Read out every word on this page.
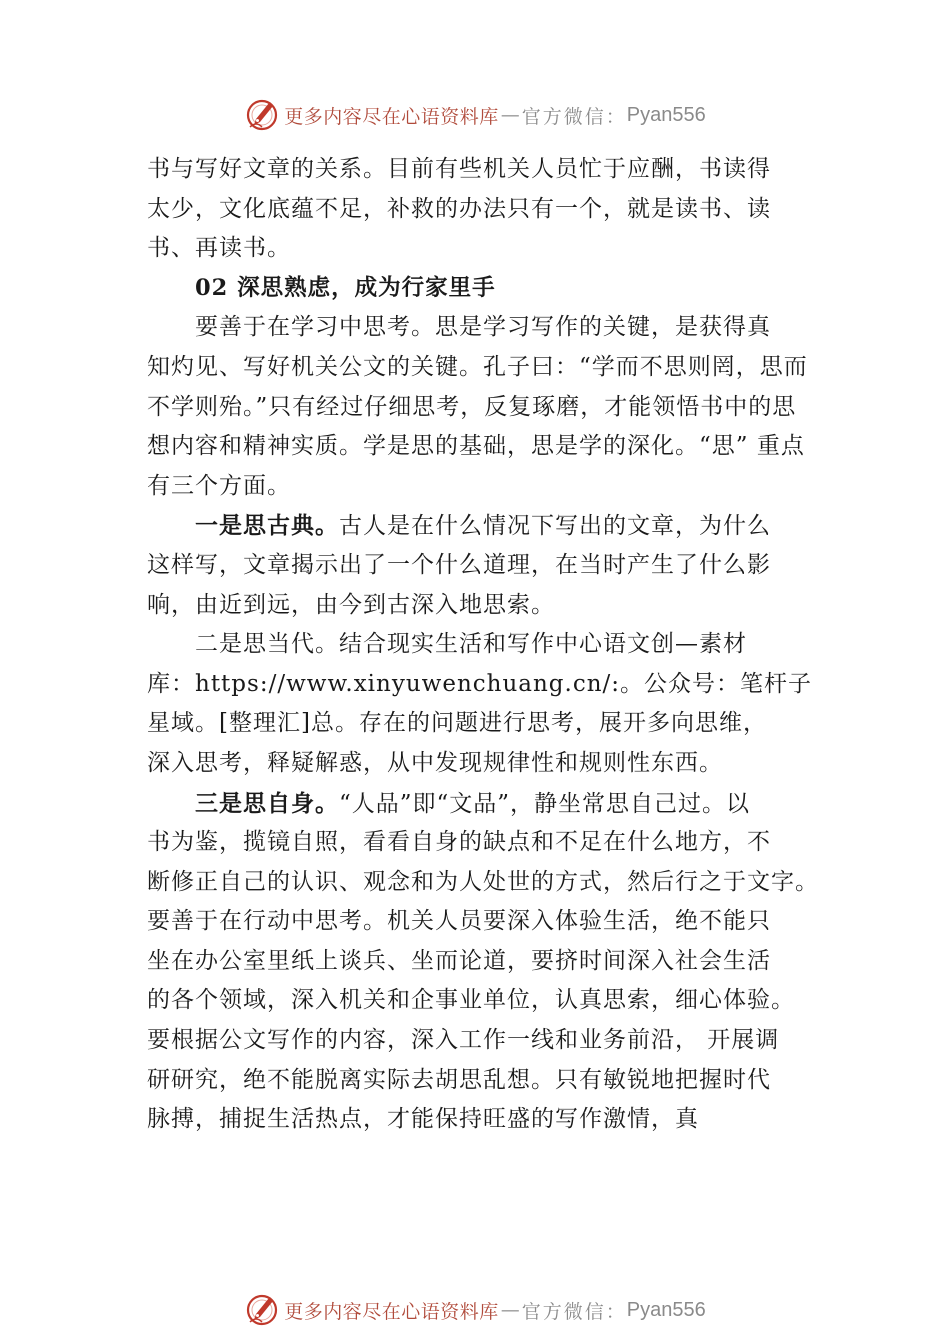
更多内容尽在心语资料库 — 官方微信： Pyan556
书与写好文章的关系。目前有些机关人员忙于应酬，书读得
太少，文化底蕴不足，补救的办法只有一个，就是读书、读
书、再读书。
02 深思熟虑，成为行家里手
要善于在学习中思考。思是学习写作的关键，是获得真
知灼见、写好机关公文的关键。孔子曰：“学而不思则罔，思而
不学则殆。”只有经过仔细思考，反复琢磨，才能领悟书中的思
想内容和精神实质。学是思的基础，思是学的深化。“思” 重点
有三个方面。
一是思古典。古人是在什么情况下写出的文章，为什么
这样写，文章揭示出了一个什么道理，在当时产生了什么影
响，由近到远，由今到古深入地思索。
二是思当代。结合现实生活和写作中心语文创—素材
库：https://www.xinyuwenchuang.cn/:。公众号：笔杆子
星域。[整理汇]总。存在的问题进行思考，展开多向思维，
深入思考，释疑解惑，从中发现规律性和规则性东西。
三是思自身。“人品”即“文品”，静坐常思自己过。以
书为鉴，揽镜自照，看看自身的缺点和不足在什么地方，不
断修正自己的认识、观念和为人处世的方式，然后行之于文字。
要善于在行动中思考。机关人员要深入体验生活，绝不能只
坐在办公室里纸上谈兵、坐而论道，要挤时间深入社会生活
的各个领域，深入机关和企事业单位，认真思索，细心体验。
要根据公文写作的内容，深入工作一线和业务前沿， 开展调
研研究，绝不能脱离实际去胡思乱想。只有敏锐地把握时代
脉搏，捕捉生活热点，才能保持旺盛的写作激情，真
更多内容尽在心语资料库 — 官方微信： Pyan556
